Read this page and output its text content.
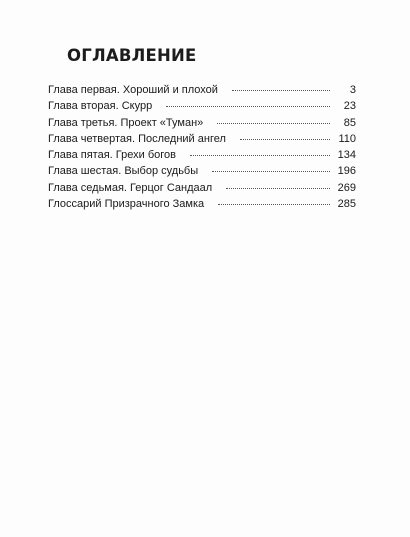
ОГЛАВЛЕНИЕ
Глава первая. Хороший и плохой	3
Глава вторая. Скурр	23
Глава третья. Проект «Туман»	85
Глава четвертая. Последний ангел	110
Глава пятая. Грехи богов	134
Глава шестая. Выбор судьбы	196
Глава седьмая. Герцог Сандаал	269
Глоссарий Призрачного Замка	285
